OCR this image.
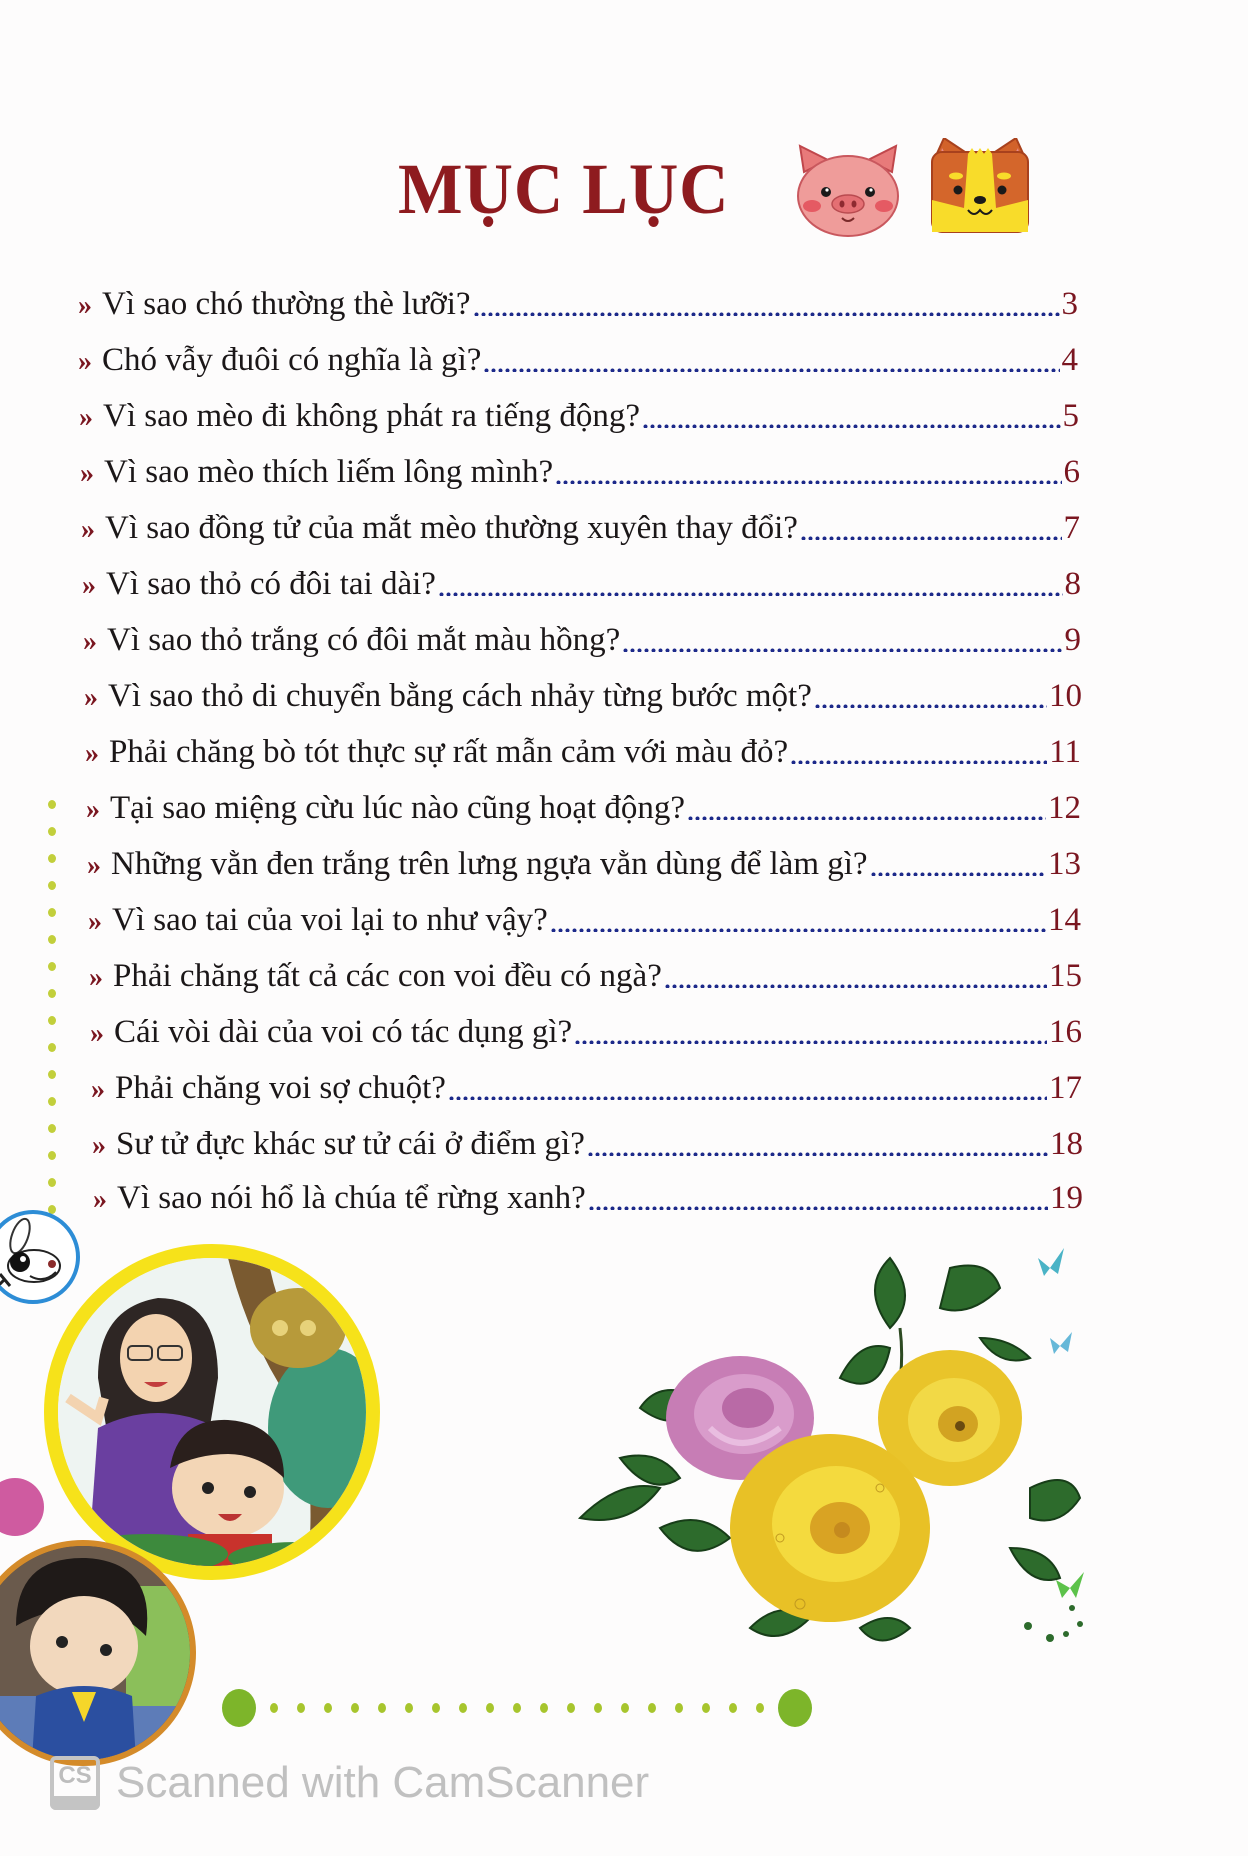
MỤC LỤC
» Vì sao chó thường thè lưỡi?	3
» Chó vẫy đuôi có nghĩa là gì?	4
» Vì sao mèo đi không phát ra tiếng động?	5
» Vì sao mèo thích liếm lông mình?	6
» Vì sao đồng tử của mắt mèo thường xuyên thay đổi?	7
» Vì sao thỏ có đôi tai dài?	8
» Vì sao thỏ trắng có đôi mắt màu hồng?	9
» Vì sao thỏ di chuyển bằng cách nhảy từng bước một?	10
» Phải chăng bò tót thực sự rất mẫn cảm với màu đỏ?	11
» Tại sao miệng cừu lúc nào cũng hoạt động?	12
» Những vằn đen trắng trên lưng ngựa vằn dùng để làm gì?	13
» Vì sao tai của voi lại to như vậy?	14
» Phải chăng tất cả các con voi đều có ngà?	15
» Cái vòi dài của voi có tác dụng gì?	16
» Phải chăng voi sợ chuột?	17
» Sư tử đực khác sư tử cái ở điểm gì?	18
» Vì sao nói hổ là chúa tể rừng xanh?	19
CS Scanned with CamScanner
